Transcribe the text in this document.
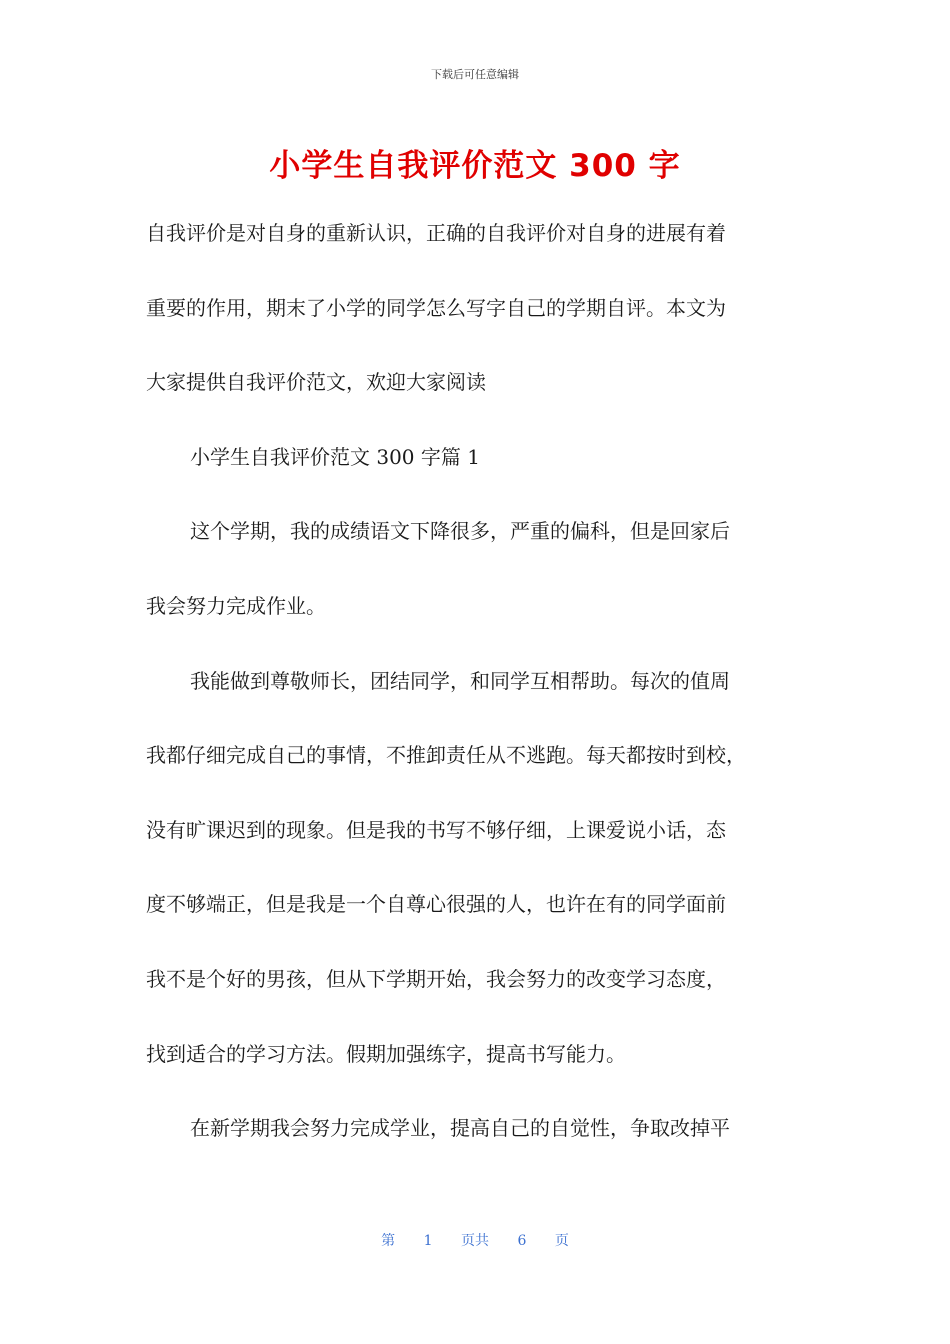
下载后可任意编辑
小学生自我评价范文 300 字
自我评价是对自身的重新认识，正确的自我评价对自身的进展有着
重要的作用，期末了小学的同学怎么写字自己的学期自评。本文为
大家提供自我评价范文，欢迎大家阅读
小学生自我评价范文 300 字篇 1
这个学期，我的成绩语文下降很多，严重的偏科，但是回家后
我会努力完成作业。
我能做到尊敬师长，团结同学，和同学互相帮助。每次的值周
我都仔细完成自己的事情，不推卸责任从不逃跑。每天都按时到校，
没有旷课迟到的现象。但是我的书写不够仔细，上课爱说小话，态
度不够端正，但是我是一个自尊心很强的人，也许在有的同学面前
我不是个好的男孩，但从下学期开始，我会努力的改变学习态度，
找到适合的学习方法。假期加强练字，提高书写能力。
在新学期我会努力完成学业，提高自己的自觉性，争取改掉平
第 1 页共 6 页
